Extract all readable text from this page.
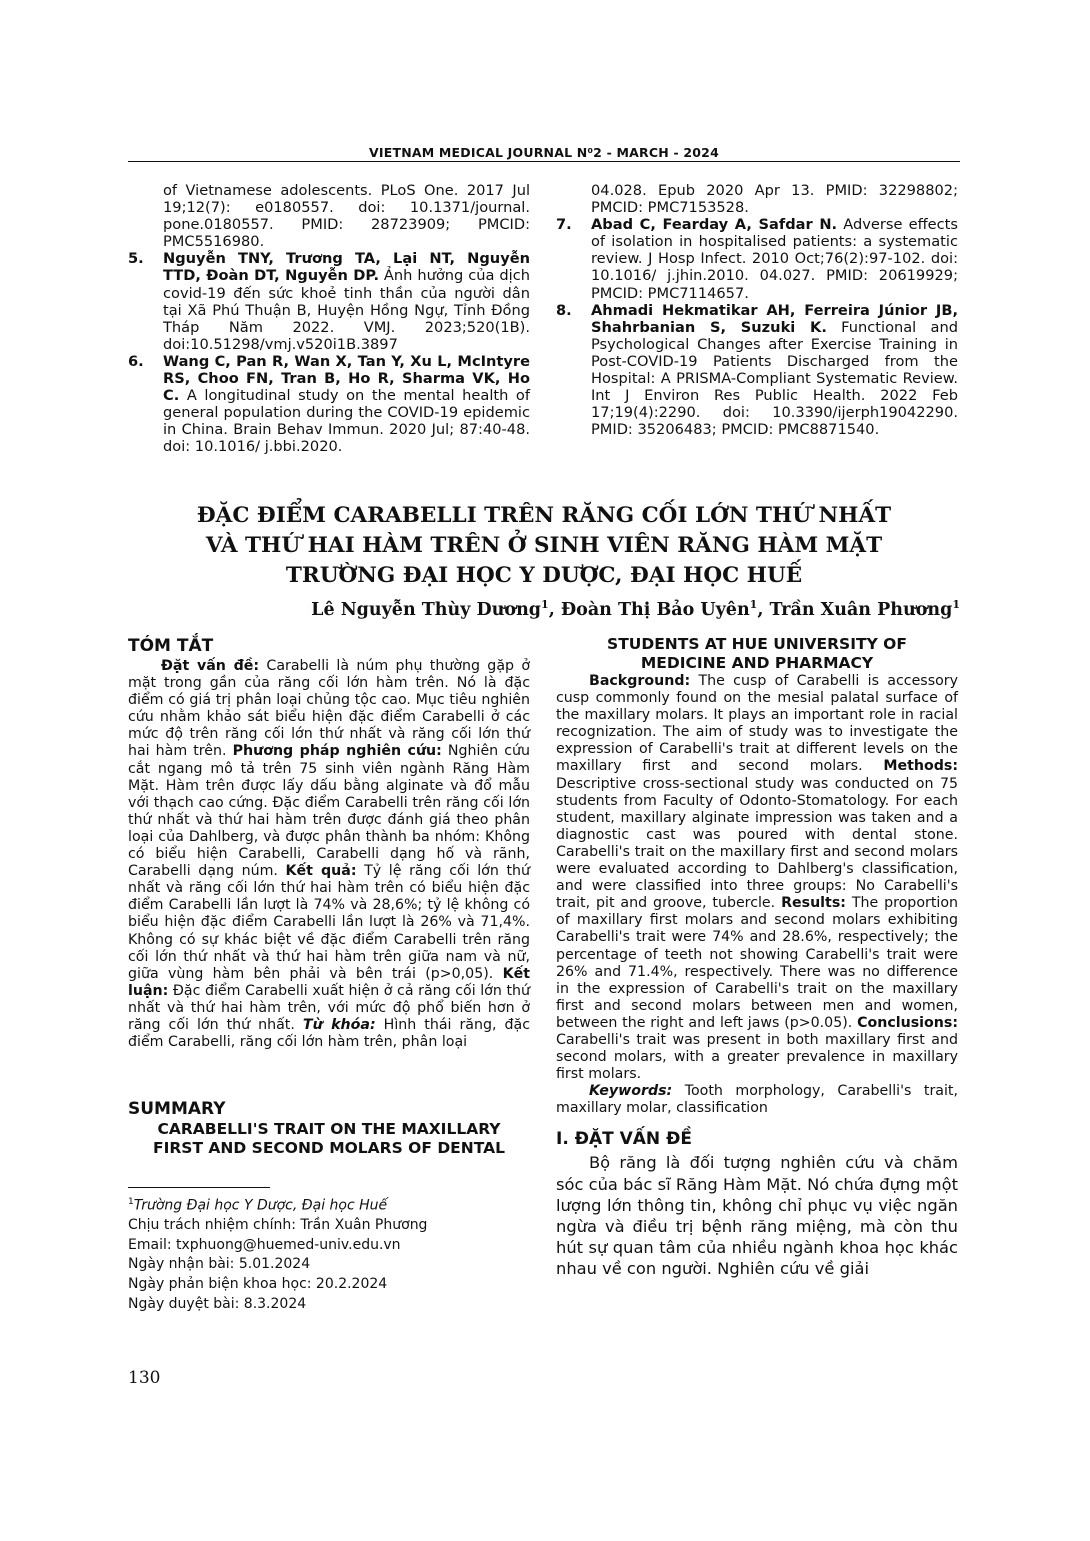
VIETNAM MEDICAL JOURNAL N⁰2 - MARCH - 2024

of Vietnamese adolescents. PLoS One. 2017 Jul 19;12(7): e0180557. doi: 10.1371/journal. pone.0180557. PMID: 28723909; PMCID: PMC5516980.

5. Nguyễn TNY, Trương TA, Lại NT, Nguyễn TTD, Đoàn DT, Nguyễn DP. Ảnh hưởng của dịch covid-19 đến sức khoẻ tinh thần của người dân tại Xã Phú Thuận B, Huyện Hồng Ngự, Tỉnh Đồng Tháp Năm 2022. VMJ. 2023;520(1B). doi:10.51298/vmj.v520i1B.3897

6. Wang C, Pan R, Wan X, Tan Y, Xu L, McIntyre RS, Choo FN, Tran B, Ho R, Sharma VK, Ho C. A longitudinal study on the mental health of general population during the COVID-19 epidemic in China. Brain Behav Immun. 2020 Jul; 87:40-48. doi: 10.1016/ j.bbi.2020.

04.028. Epub 2020 Apr 13. PMID: 32298802; PMCID: PMC7153528.

7. Abad C, Fearday A, Safdar N. Adverse effects of isolation in hospitalised patients: a systematic review. J Hosp Infect. 2010 Oct;76(2):97-102. doi: 10.1016/ j.jhin.2010. 04.027. PMID: 20619929; PMCID: PMC7114657.

8. Ahmadi Hekmatikar AH, Ferreira Júnior JB, Shahrbanian S, Suzuki K. Functional and Psychological Changes after Exercise Training in Post-COVID-19 Patients Discharged from the Hospital: A PRISMA-Compliant Systematic Review. Int J Environ Res Public Health. 2022 Feb 17;19(4):2290. doi: 10.3390/ijerph19042290. PMID: 35206483; PMCID: PMC8871540.

ĐẶC ĐIỂM CARABELLI TRÊN RĂNG CỐI LỚN THỨ NHẤT
VÀ THỨ HAI HÀM TRÊN Ở SINH VIÊN RĂNG HÀM MẶT
TRƯỜNG ĐẠI HỌC Y DƯỢC, ĐẠI HỌC HUẾ
Lê Nguyễn Thùy Dương$^1$, Đoàn Thị Bảo Uyên$^1$, Trần Xuân Phương$^1$
TÓM TẮT

Đặt vấn đề: Carabelli là núm phụ thường gặp ở mặt trong gần của răng cối lớn hàm trên. Nó là đặc điểm có giá trị phân loại chủng tộc cao. Mục tiêu nghiên cứu nhằm khảo sát biểu hiện đặc điểm Carabelli ở các mức độ trên răng cối lớn thứ nhất và răng cối lớn thứ hai hàm trên. Phương pháp nghiên cứu: Nghiên cứu cắt ngang mô tả trên 75 sinh viên ngành Răng Hàm Mặt. Hàm trên được lấy dấu bằng alginate và đổ mẫu với thạch cao cứng. Đặc điểm Carabelli trên răng cối lớn thứ nhất và thứ hai hàm trên được đánh giá theo phân loại của Dahlberg, và được phân thành ba nhóm: Không có biểu hiện Carabelli, Carabelli dạng hố và rãnh, Carabelli dạng núm. Kết quả: Tỷ lệ răng cối lớn thứ nhất và răng cối lớn thứ hai hàm trên có biểu hiện đặc điểm Carabelli lần lượt là 74% và 28,6%; tỷ lệ không có biểu hiện đặc điểm Carabelli lần lượt là 26% và 71,4%. Không có sự khác biệt về đặc điểm Carabelli trên răng cối lớn thứ nhất và thứ hai hàm trên giữa nam và nữ, giữa vùng hàm bên phải và bên trái (p>0,05). Kết luận: Đặc điểm Carabelli xuất hiện ở cả răng cối lớn thứ nhất và thứ hai hàm trên, với mức độ phổ biến hơn ở răng cối lớn thứ nhất. Từ khóa: Hình thái răng, đặc điểm Carabelli, răng cối lớn hàm trên, phân loại

SUMMARY
CARABELLI'S TRAIT ON THE MAXILLARY
FIRST AND SECOND MOLARS OF DENTAL
$^1$Trường Đại học Y Dược, Đại học Huế
Chịu trách nhiệm chính: Trần Xuân Phương
Email: txphuong@huemed-univ.edu.vn
Ngày nhận bài: 5.01.2024
Ngày phản biện khoa học: 20.2.2024
Ngày duyệt bài: 8.3.2024
STUDENTS AT HUE UNIVERSITY OF
MEDICINE AND PHARMACY

Background: The cusp of Carabelli is accessory cusp commonly found on the mesial palatal surface of the maxillary molars. It plays an important role in racial recognization. The aim of study was to investigate the expression of Carabelli's trait at different levels on the maxillary first and second molars. Methods: Descriptive cross-sectional study was conducted on 75 students from Faculty of Odonto-Stomatology. For each student, maxillary alginate impression was taken and a diagnostic cast was poured with dental stone. Carabelli's trait on the maxillary first and second molars were evaluated according to Dahlberg's classification, and were classified into three groups: No Carabelli's trait, pit and groove, tubercle. Results: The proportion of maxillary first molars and second molars exhibiting Carabelli's trait were 74% and 28.6%, respectively; the percentage of teeth not showing Carabelli's trait were 26% and 71.4%, respectively. There was no difference in the expression of Carabelli's trait on the maxillary first and second molars between men and women, between the right and left jaws (p>0.05). Conclusions: Carabelli's trait was present in both maxillary first and second molars, with a greater prevalence in maxillary first molars.

Keywords: Tooth morphology, Carabelli's trait, maxillary molar, classification

I. ĐẶT VẤN ĐỀ

Bộ răng là đối tượng nghiên cứu và chăm sóc của bác sĩ Răng Hàm Mặt. Nó chứa đựng một lượng lớn thông tin, không chỉ phục vụ việc ngăn ngừa và điều trị bệnh răng miệng, mà còn thu hút sự quan tâm của nhiều ngành khoa học khác nhau về con người. Nghiên cứu về giải

130
